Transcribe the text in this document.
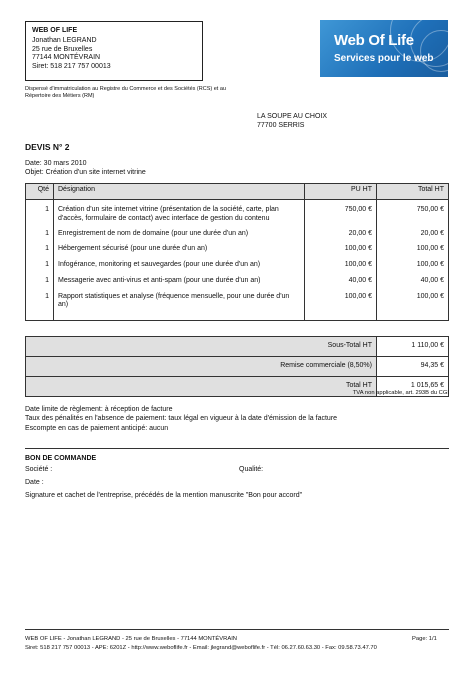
WEB OF LIFE
Jonathan LEGRAND
25 rue de Bruxelles
77144 MONTÉVRAIN
Siret: 518 217 757 00013
Web Of Life
Services pour le web
Dispensé d'immatriculation au Registre du Commerce et des Sociétés (RCS) et au Répertoire des Métiers (RM)
LA SOUPE AU CHOIX
77700 SERRIS
DEVIS N° 2
Date: 30 mars 2010
Objet: Création d'un site internet vitrine
Qté	Désignation	PU HT	Total HT
1	Création d'un site internet vitrine (présentation de la société, carte, plan d'accès, formulaire de contact) avec interface de gestion du contenu	750,00 €	750,00 €
1	Enregistrement de nom de domaine (pour une durée d'un an)	20,00 €	20,00 €
1	Hébergement sécurisé (pour une durée d'un an)	100,00 €	100,00 €
1	Infogérance, monitoring et sauvegardes (pour une durée d'un an)	100,00 €	100,00 €
1	Messagerie avec anti-virus et anti-spam (pour une durée d'un an)	40,00 €	40,00 €
1	Rapport statistiques et analyse (fréquence mensuelle, pour une durée d'un an)	100,00 €	100,00 €

Sous-Total HT	1 110,00 €
Remise commerciale (8,50%)	94,35 €
Total HT	1 015,65 €
TVA non applicable, art. 293B du CGI
Date limite de règlement: à réception de facture
Taux des pénalités en l'absence de paiement: taux légal en vigueur à la date d'émission de la facture
Escompte en cas de paiement anticipé: aucun
BON DE COMMANDE
Société :	Qualité:
Date :
Signature et cachet de l'entreprise, précédés de la mention manuscrite "Bon pour accord"
WEB OF LIFE - Jonathan LEGRAND - 25 rue de Bruxelles - 77144 MONTÉVRAIN	Page: 1/1
Siret: 518 217 757 00013 - APE: 6201Z - http://www.weboflife.fr - Email: jlegrand@weboflife.fr - Tél: 06.27.60.63.30 - Fax: 09.58.73.47.70
